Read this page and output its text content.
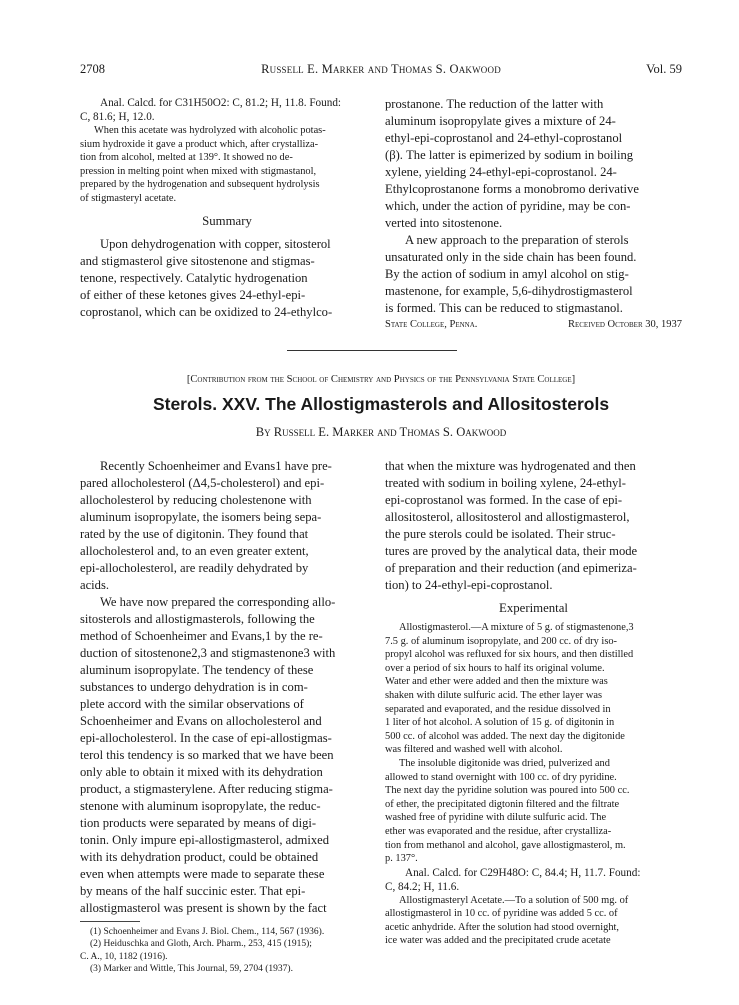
2708	Russell E. Marker and Thomas S. Oakwood	Vol. 59
Anal. Calcd. for C31H50O2: C, 81.2; H, 11.8. Found:
C, 81.6; H, 12.0.
When this acetate was hydrolyzed with alcoholic potas-
sium hydroxide it gave a product which, after crystalliza-
tion from alcohol, melted at 139°. It showed no de-
pression in melting point when mixed with stigmastanol,
prepared by the hydrogenation and subsequent hydrolysis
of stigmasteryl acetate.
Summary
Upon dehydrogenation with copper, sitosterol
and stigmasterol give sitostenone and stigmas-
tenone, respectively. Catalytic hydrogenation
of either of these ketones gives 24-ethyl-epi-
coprostanol, which can be oxidized to 24-ethylco-
prostanone. The reduction of the latter with
aluminum isopropylate gives a mixture of 24-
ethyl-epi-coprostanol and 24-ethyl-coprostanol
(β). The latter is epimerized by sodium in boiling
xylene, yielding 24-ethyl-epi-coprostanol. 24-
Ethylcoprostanone forms a monobromo derivative
which, under the action of pyridine, may be con-
verted into sitostenone.
A new approach to the preparation of sterols
unsaturated only in the side chain has been found.
By the action of sodium in amyl alcohol on stig-
mastenone, for example, 5,6-dihydrostigmasterol
is formed. This can be reduced to stigmastanol.
State College, Penna.	Received October 30, 1937
[Contribution from the School of Chemistry and Physics of the Pennsylvania State College]
Sterols. XXV. The Allostigmasterols and Allositosterols
By Russell E. Marker and Thomas S. Oakwood
Recently Schoenheimer and Evans1 have pre-
pared allocholesterol (Δ4,5-cholesterol) and epi-
allocholesterol by reducing cholestenone with
aluminum isopropylate, the isomers being sepa-
rated by the use of digitonin. They found that
allocholesterol and, to an even greater extent,
epi-allocholesterol, are readily dehydrated by
acids.
We have now prepared the corresponding allo-
sitosterols and allostigmasterols, following the
method of Schoenheimer and Evans,1 by the re-
duction of sitostenone2,3 and stigmastenone3 with
aluminum isopropylate. The tendency of these
substances to undergo dehydration is in com-
plete accord with the similar observations of
Schoenheimer and Evans on allocholesterol and
epi-allocholesterol. In the case of epi-allostigmas-
terol this tendency is so marked that we have been
only able to obtain it mixed with its dehydration
product, a stigmasterylene. After reducing stigma-
stenone with aluminum isopropylate, the reduc-
tion products were separated by means of digi-
tonin. Only impure epi-allostigmasterol, admixed
with its dehydration product, could be obtained
even when attempts were made to separate these
by means of the half succinic ester. That epi-
allostigmasterol was present is shown by the fact
(1) Schoenheimer and Evans J. Biol. Chem., 114, 567 (1936).
(2) Heiduschka and Gloth, Arch. Pharm., 253, 415 (1915);
C. A., 10, 1182 (1916).
(3) Marker and Wittle, This Journal, 59, 2704 (1937).
that when the mixture was hydrogenated and then
treated with sodium in boiling xylene, 24-ethyl-
epi-coprostanol was formed. In the case of epi-
allositosterol, allositosterol and allostigmasterol,
the pure sterols could be isolated. Their struc-
tures are proved by the analytical data, their mode
of preparation and their reduction (and epimeriza-
tion) to 24-ethyl-epi-coprostanol.
Experimental
Allostigmasterol.—A mixture of 5 g. of stigmastenone,3
7.5 g. of aluminum isopropylate, and 200 cc. of dry iso-
propyl alcohol was refluxed for six hours, and then distilled
over a period of six hours to half its original volume.
Water and ether were added and then the mixture was
shaken with dilute sulfuric acid. The ether layer was
separated and evaporated, and the residue dissolved in
1 liter of hot alcohol. A solution of 15 g. of digitonin in
500 cc. of alcohol was added. The next day the digitonide
was filtered and washed well with alcohol.
The insoluble digitonide was dried, pulverized and
allowed to stand overnight with 100 cc. of dry pyridine.
The next day the pyridine solution was poured into 500 cc.
of ether, the precipitated digtonin filtered and the filtrate
washed free of pyridine with dilute sulfuric acid. The
ether was evaporated and the residue, after crystalliza-
tion from methanol and alcohol, gave allostigmasterol, m.
p. 137°.
Anal. Calcd. for C29H48O: C, 84.4; H, 11.7. Found:
C, 84.2; H, 11.6.
Allostigmasteryl Acetate.—To a solution of 500 mg. of
allostigmasterol in 10 cc. of pyridine was added 5 cc. of
acetic anhydride. After the solution had stood overnight,
ice water was added and the precipitated crude acetate
